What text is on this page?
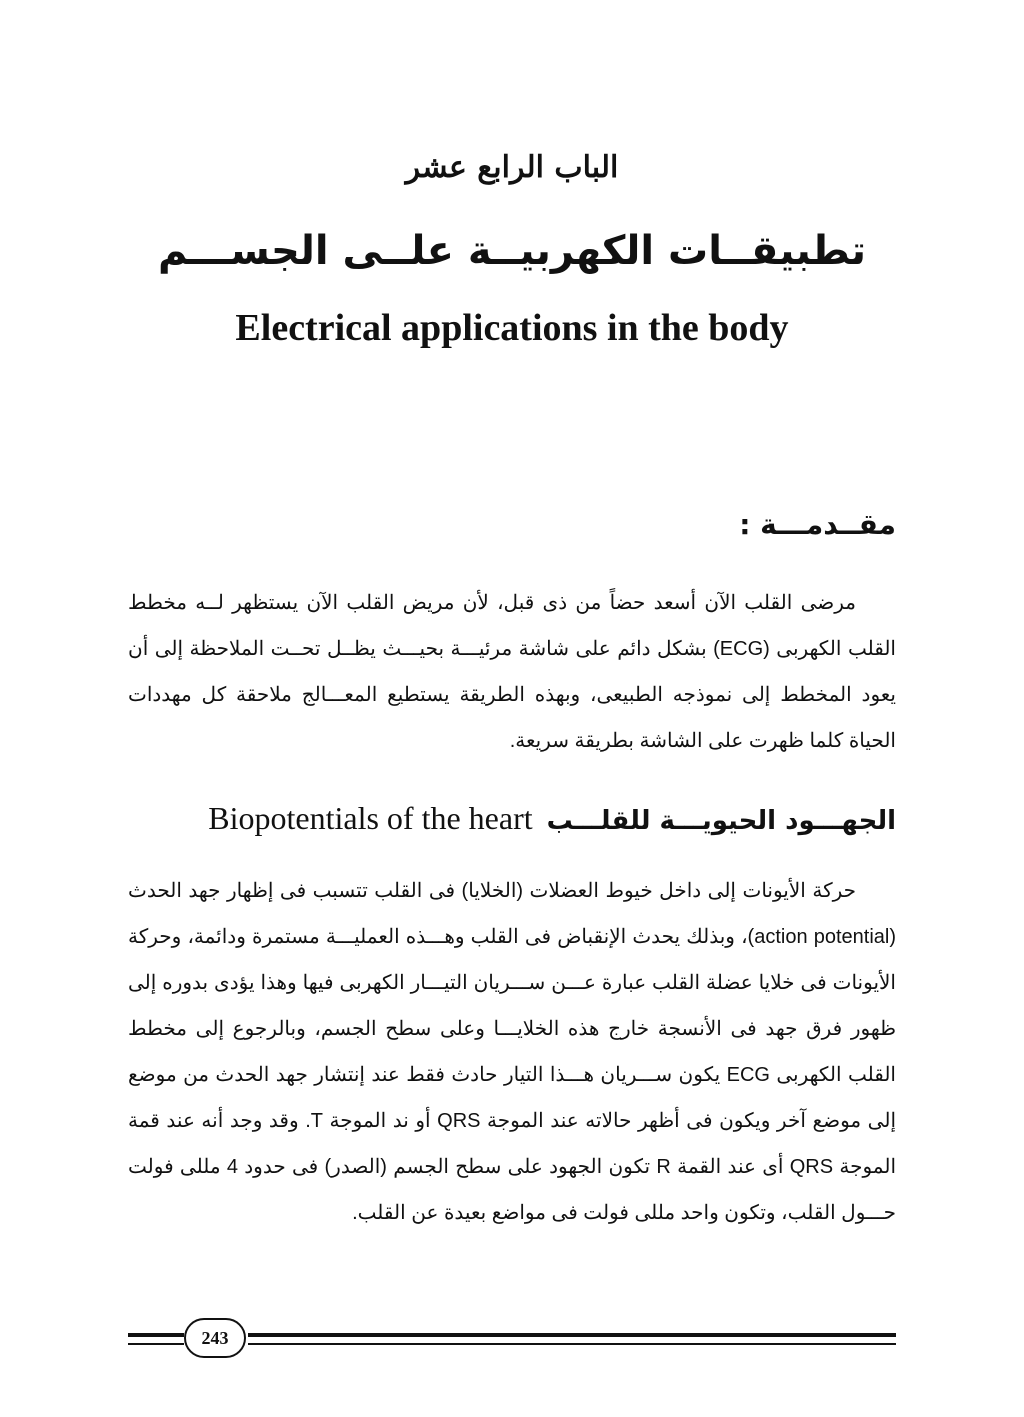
الباب الرابع عشر
تطبيقــات الكهربيــة علــى الجســـم
Electrical applications in the body
مقــدمـــة :

مرضى القلب الآن أسعد حضاً من ذى قبل، لأن مريض القلب الآن يستظهر لــه مخطط القلب الكهربى (ECG) بشكل دائم على شاشة مرئيـــة بحيـــث يظــل تحــت الملاحظة إلى أن يعود المخطط إلى نموذجه الطبيعى، وبهذه الطريقة يستطيع المعـــالج ملاحقة كل مهددات الحياة كلما ظهرت على الشاشة بطريقة سريعة.

الجهـــود الحيويـــة للقلـــبBiopotentials of the heart

حركة الأيونات إلى داخل خيوط العضلات (الخلايا) فى القلب تتسبب فى إظهار جهد الحدث (action potential)، وبذلك يحدث الإنقباض فى القلب وهـــذه العمليـــة مستمرة ودائمة، وحركة الأيونات فى خلايا عضلة القلب عبارة عـــن ســـريان التيـــار الكهربى فيها وهذا يؤدى بدوره إلى ظهور فرق جهد فى الأنسجة خارج هذه الخلايـــا وعلى سطح الجسم، وبالرجوع إلى مخطط القلب الكهربى ECG يكون ســـريان هـــذا التيار حادث فقط عند إنتشار جهد الحدث من موضع إلى موضع آخر ويكون فى أظهر حالاته عند الموجة QRS أو ند الموجة T. وقد وجد أنه عند قمة الموجة QRS أى عند القمة R تكون الجهود على سطح الجسم (الصدر) فى حدود 4 مللى فولت حـــول القلب، وتكون واحد مللى فولت فى مواضع بعيدة عن القلب.

243
